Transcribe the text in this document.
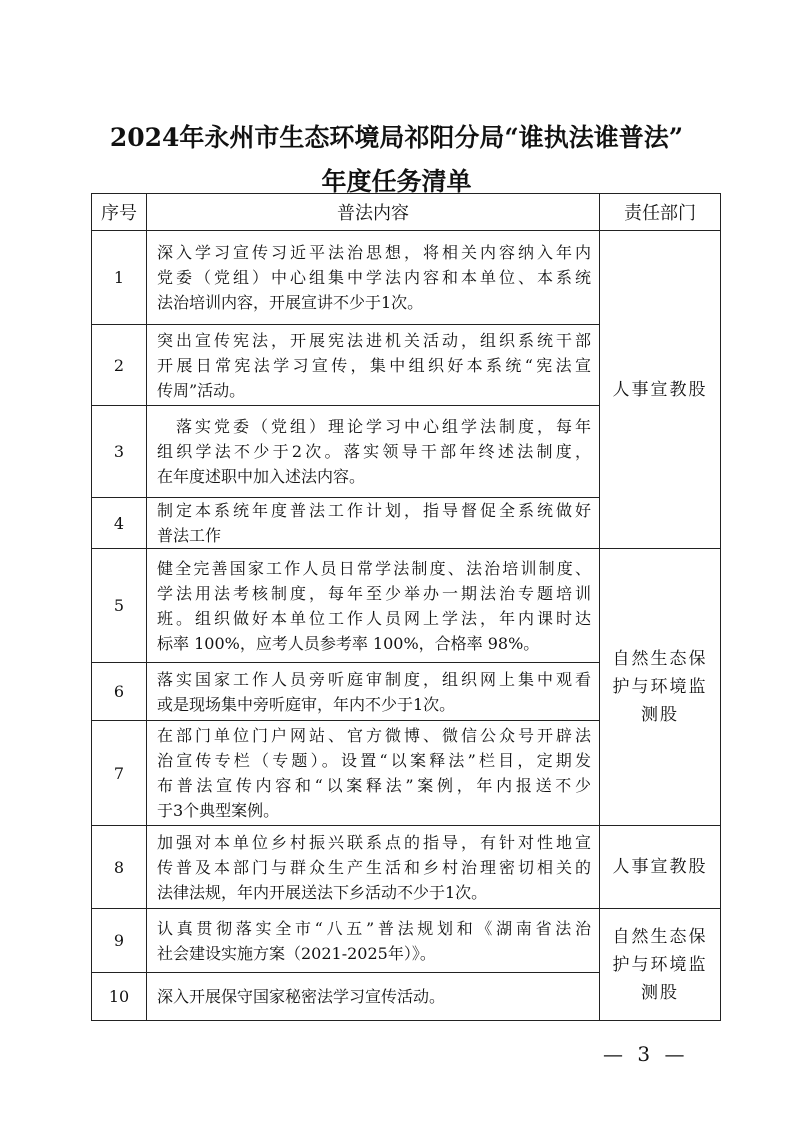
2024年永州市生态环境局祁阳分局“谁执法谁普法”
年度任务清单
序号	普法内容	责任部门
1	深入学习宣传习近平法治思想，将相关内容纳入年内
党委（党组）中心组集中学法内容和本单位、本系统
法治培训内容，开展宣讲不少于1次。	人事宣教股
2	突出宣传宪法，开展宪法进机关活动，组织系统干部
开展日常宪法学习宣传，集中组织好本系统“宪法宣
传周”活动。	

3	　落实党委（党组）理论学习中心组学法制度，每年
组织学法不少于2次。落实领导干部年终述法制度，
在年度述职中加入述法内容。	

4	制定本系统年度普法工作计划，指导督促全系统做好
普法工作	

5	健全完善国家工作人员日常学法制度、法治培训制度、
学法用法考核制度，每年至少举办一期法治专题培训
班。组织做好本单位工作人员网上学法，年内课时达
标率 100%，应考人员参考率 100%，合格率 98%。	自然生态保护与环境监测股
6	落实国家工作人员旁听庭审制度，组织网上集中观看
或是现场集中旁听庭审，年内不少于1次。	

7	在部门单位门户网站、官方微博、微信公众号开辟法
治宣传专栏（专题）。设置“以案释法”栏目，定期发
布普法宣传内容和“以案释法”案例，年内报送不少
于3个典型案例。	

8	加强对本单位乡村振兴联系点的指导，有针对性地宣
传普及本部门与群众生产生活和乡村治理密切相关的
法律法规，年内开展送法下乡活动不少于1次。	人事宣教股
9	认真贯彻落实全市“八五”普法规划和《湖南省法治
社会建设实施方案（2021-2025年）》。	自然生态保护与环境监测股
10	深入开展保守国家秘密法学习宣传活动。	
— 3 —
